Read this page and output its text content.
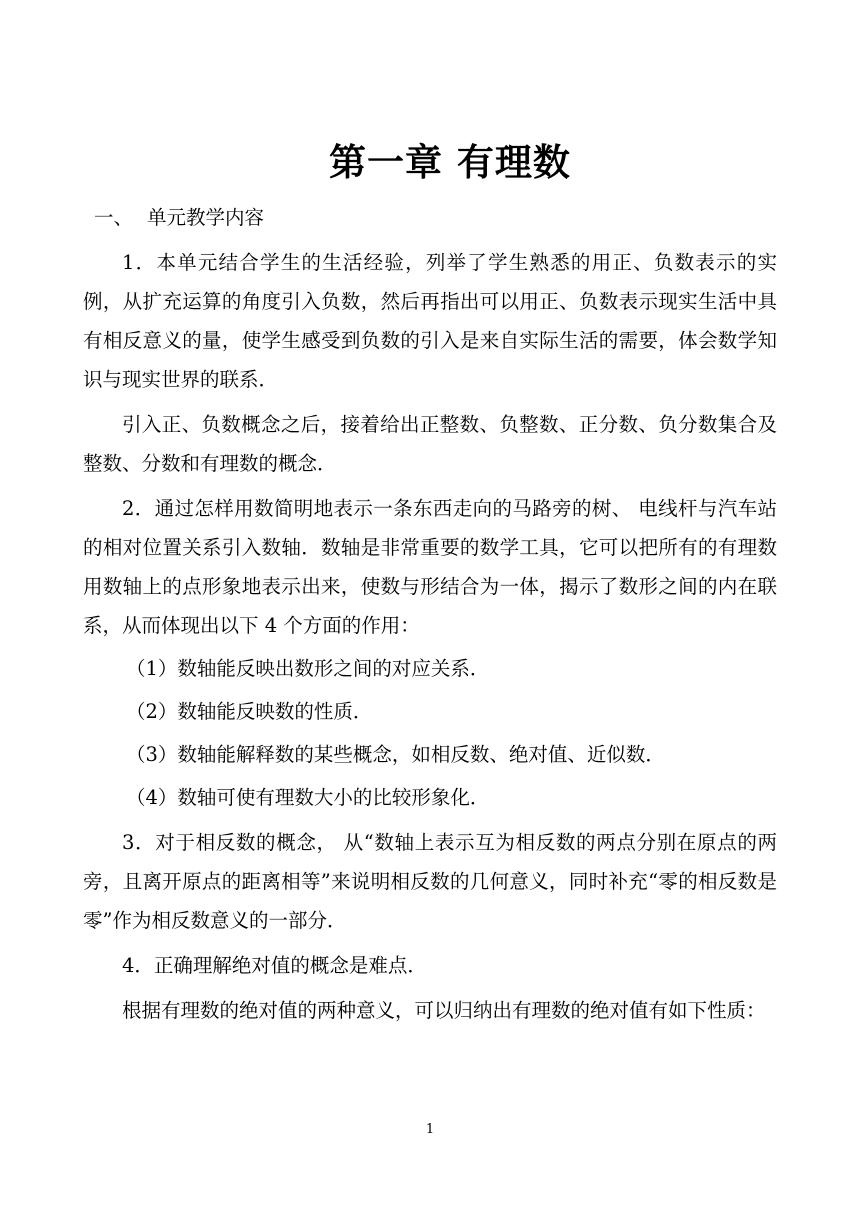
第一章 有理数

一、 单元教学内容

1．本单元结合学生的生活经验，列举了学生熟悉的用正、负数表示的实例，从扩充运算的角度引入负数，然后再指出可以用正、负数表示现实生活中具有相反意义的量，使学生感受到负数的引入是来自实际生活的需要，体会数学知识与现实世界的联系．

引入正、负数概念之后，接着给出正整数、负整数、正分数、负分数集合及整数、分数和有理数的概念．

2．通过怎样用数简明地表示一条东西走向的马路旁的树、 电线杆与汽车站的相对位置关系引入数轴．数轴是非常重要的数学工具，它可以把所有的有理数用数轴上的点形象地表示出来，使数与形结合为一体，揭示了数形之间的内在联系，从而体现出以下 4 个方面的作用：

（1）数轴能反映出数形之间的对应关系．

（2）数轴能反映数的性质．

（3）数轴能解释数的某些概念，如相反数、绝对值、近似数．

（4）数轴可使有理数大小的比较形象化．

3．对于相反数的概念， 从“数轴上表示互为相反数的两点分别在原点的两旁，且离开原点的距离相等”来说明相反数的几何意义，同时补充“零的相反数是零”作为相反数意义的一部分．

4．正确理解绝对值的概念是难点．

根据有理数的绝对值的两种意义，可以归纳出有理数的绝对值有如下性质：

1
